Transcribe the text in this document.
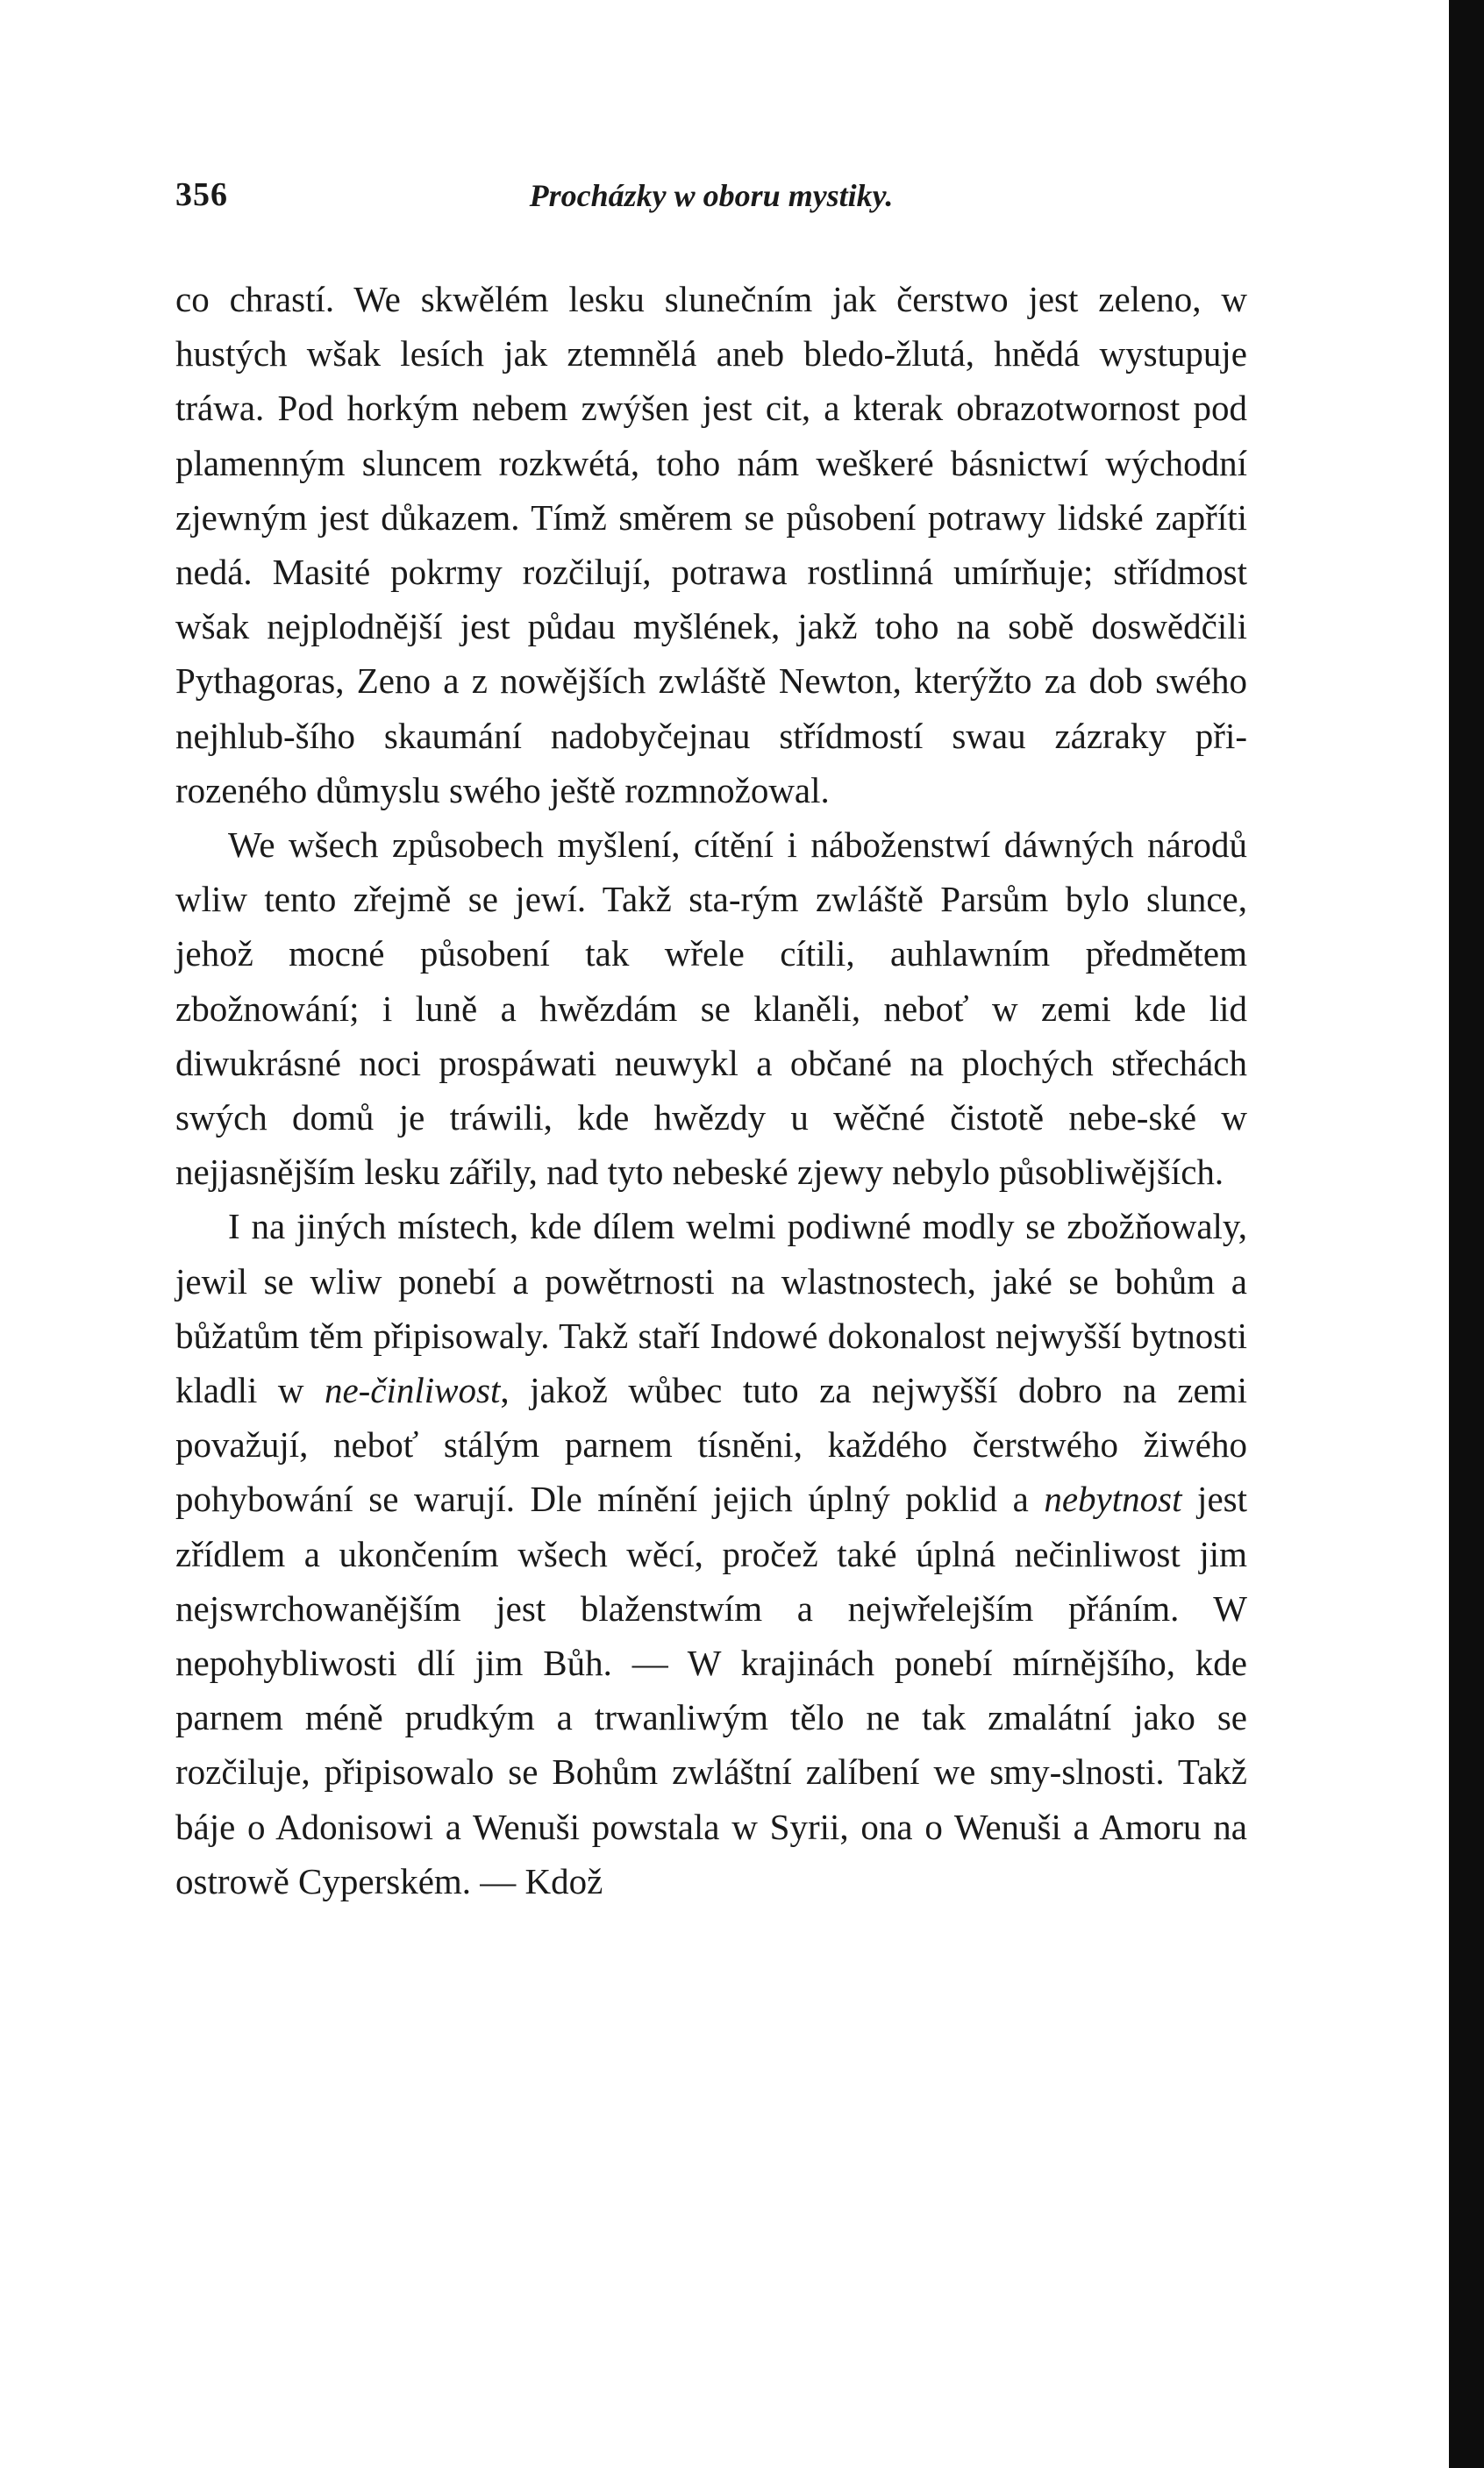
356	Procházky w oboru mystiky.

co chrastí. We skwělém lesku slunečním jak čerstwo jest zeleno, w hustých wšak lesích jak ztemnělá aneb bledo-žlutá, hnědá wystupuje tráwa. Pod horkým nebem zwýšen jest cit, a kterak obrazotwornost pod plamenným sluncem rozkwétá, toho nám weškeré básnictwí wýchodní zjewným jest důkazem. Tímž směrem se působení potrawy lidské zapříti nedá. Masité pokrmy rozčilují, potrawa rostlinná umírňuje; střídmost wšak nejplodnější jest půdau myšlének, jakž toho na sobě doswědčili Pythagoras, Zeno a z nowějších zwláště Newton, kterýžto za dob swého nejhlub-šího skaumání nadobyčejnau střídmostí swau zázraky při-rozeného důmyslu swého ještě rozmnožowal.

We wšech způsobech myšlení, cítění i náboženstwí dáwných národů wliw tento zřejmě se jewí. Takž sta-rým zwláště Parsům bylo slunce, jehož mocné působení tak wřele cítili, auhlawním předmětem zbožnowání; i luně a hwězdám se klaněli, neboť w zemi kde lid diwukrásné noci prospáwati neuwykl a občané na plochých střechách swých domů je tráwili, kde hwězdy u wěčné čistotě nebe-ské w nejjasnějším lesku zářily, nad tyto nebeské zjewy nebylo působliwějších.

I na jiných místech, kde dílem welmi podiwné modly se zbožňowaly, jewil se wliw ponebí a powětrnosti na wlastnostech, jaké se bohům a bůžatům těm připisowaly. Takž staří Indowé dokonalost nejwyšší bytnosti kladli w ne-činliwost, jakož wůbec tuto za nejwyšší dobro na zemi považují, neboť stálým parnem tísněni, každého čerstwého žiwého pohybowání se warují. Dle mínění jejich úplný poklid a nebytnost jest zřídlem a ukončením wšech wěcí, pročež také úplná nečinliwost jim nejswrchowanějším jest blaženstwím a nejwřelejším přáním. W nepohybliwosti dlí jim Bůh. — W krajinách ponebí mírnějšího, kde parnem méně prudkým a trwanliwým tělo ne tak zmalátní jako se rozčiluje, připisowalo se Bohům zwláštní zalíbení we smy-slnosti. Takž báje o Adonisowi a Wenuši powstala w Syrii, ona o Wenuši a Amoru na ostrowě Cyperském. — Kdož
